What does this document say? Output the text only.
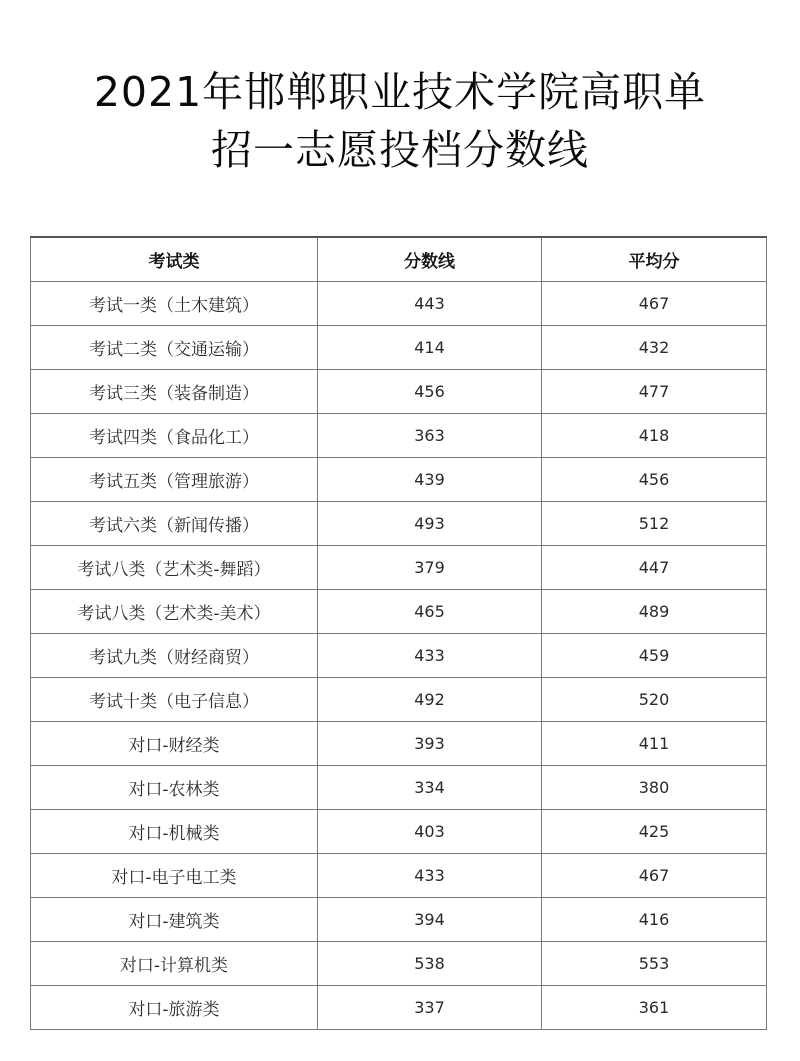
2021年邯郸职业技术学院高职单
招一志愿投档分数线
考试类	分数线	平均分
考试一类（土木建筑）	443	467
考试二类（交通运输）	414	432
考试三类（装备制造）	456	477
考试四类（食品化工）	363	418
考试五类（管理旅游）	439	456
考试六类（新闻传播）	493	512
考试八类（艺术类-舞蹈）	379	447
考试八类（艺术类-美术）	465	489
考试九类（财经商贸）	433	459
考试十类（电子信息）	492	520
对口-财经类	393	411
对口-农林类	334	380
对口-机械类	403	425
对口-电子电工类	433	467
对口-建筑类	394	416
对口-计算机类	538	553
对口-旅游类	337	361
